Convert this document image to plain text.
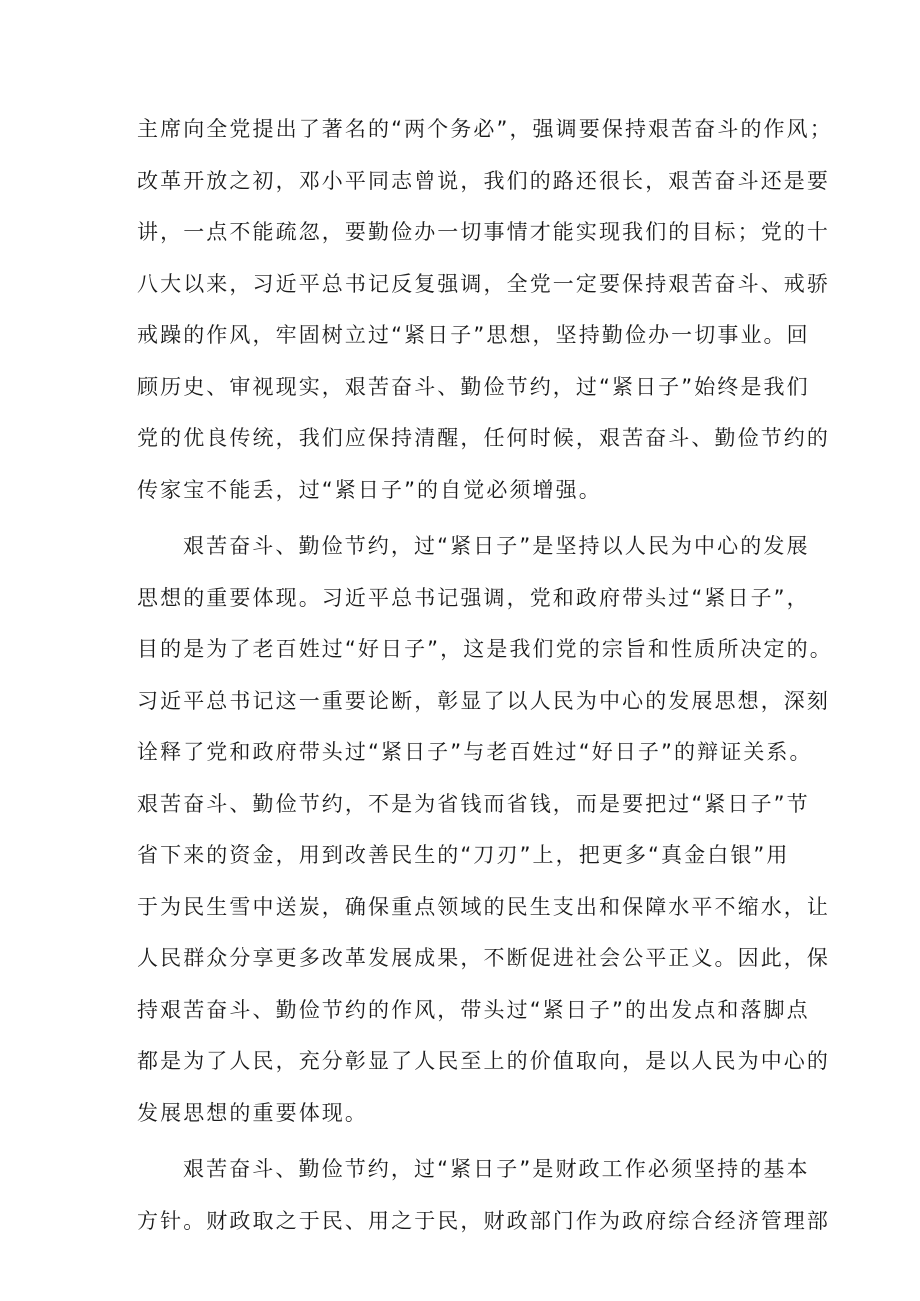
主席向全党提出了著名的“两个务必”，强调要保持艰苦奋斗的作风；
改革开放之初，邓小平同志曾说，我们的路还很长，艰苦奋斗还是要
讲，一点不能疏忽，要勤俭办一切事情才能实现我们的目标；党的十
八大以来，习近平总书记反复强调，全党一定要保持艰苦奋斗、戒骄
戒躁的作风，牢固树立过“紧日子”思想，坚持勤俭办一切事业。回
顾历史、审视现实，艰苦奋斗、勤俭节约，过“紧日子”始终是我们
党的优良传统，我们应保持清醒，任何时候，艰苦奋斗、勤俭节约的
传家宝不能丢，过“紧日子”的自觉必须增强。
艰苦奋斗、勤俭节约，过“紧日子”是坚持以人民为中心的发展
思想的重要体现。习近平总书记强调，党和政府带头过“紧日子”，
目的是为了老百姓过“好日子”，这是我们党的宗旨和性质所决定的。
习近平总书记这一重要论断，彰显了以人民为中心的发展思想，深刻
诠释了党和政府带头过“紧日子”与老百姓过“好日子”的辩证关系。
艰苦奋斗、勤俭节约，不是为省钱而省钱，而是要把过“紧日子”节
省下来的资金，用到改善民生的“刀刃”上，把更多“真金白银”用
于为民生雪中送炭，确保重点领域的民生支出和保障水平不缩水，让
人民群众分享更多改革发展成果，不断促进社会公平正义。因此，保
持艰苦奋斗、勤俭节约的作风，带头过“紧日子”的出发点和落脚点
都是为了人民，充分彰显了人民至上的价值取向，是以人民为中心的
发展思想的重要体现。
艰苦奋斗、勤俭节约，过“紧日子”是财政工作必须坚持的基本
方针。财政取之于民、用之于民，财政部门作为政府综合经济管理部
